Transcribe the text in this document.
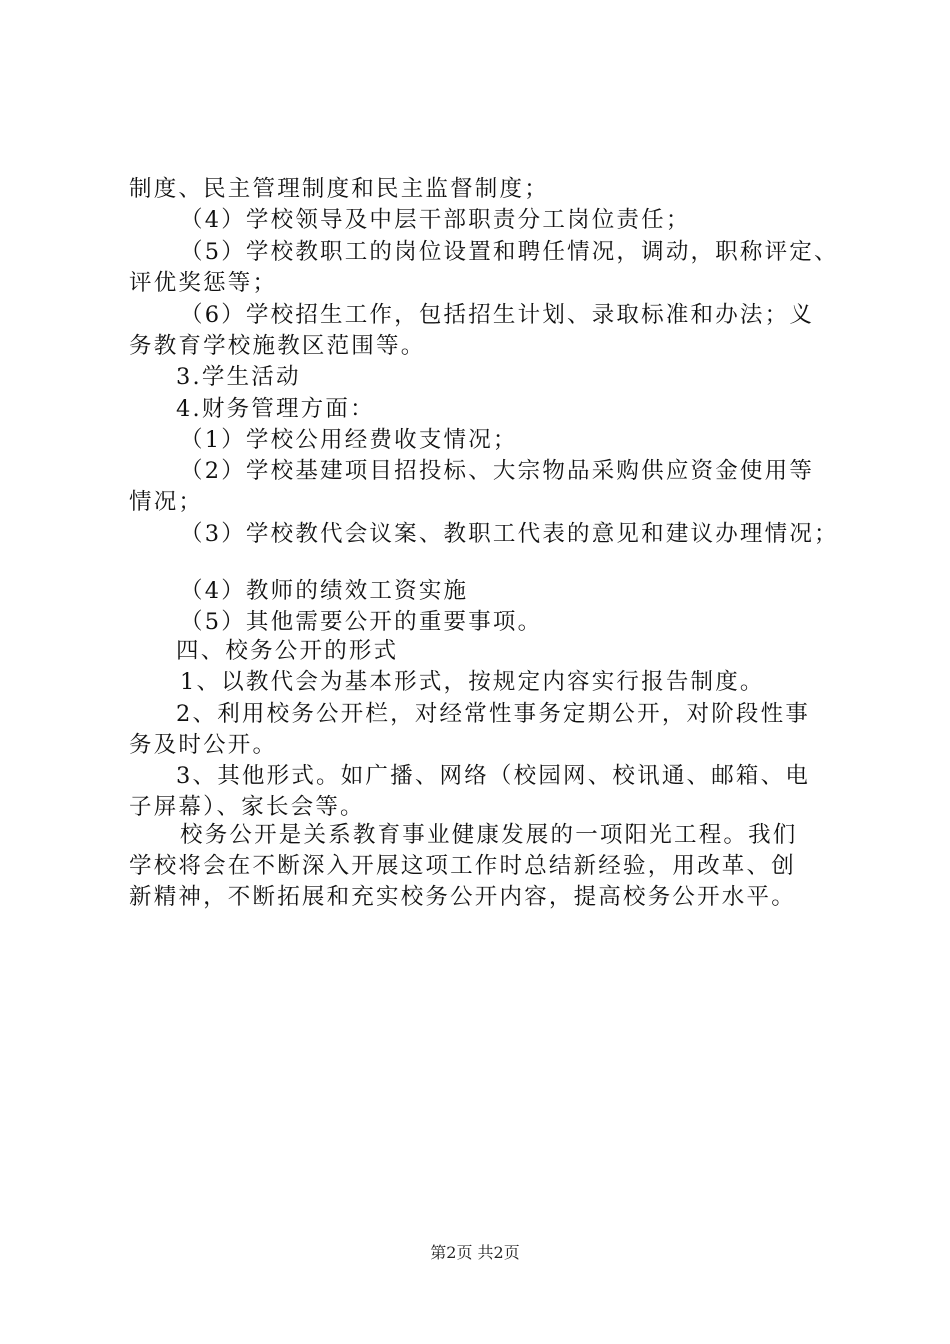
制度、民主管理制度和民主监督制度；

（4）学校领导及中层干部职责分工岗位责任；

（5）学校教职工的岗位设置和聘任情况，调动，职称评定、

评优奖惩等；

（6）学校招生工作，包括招生计划、录取标准和办法；义

务教育学校施教区范围等。

3.学生活动

4.财务管理方面：

（1）学校公用经费收支情况；

（2）学校基建项目招投标、大宗物品采购供应资金使用等

情况；

（3）学校教代会议案、教职工代表的意见和建议办理情况；

（4）教师的绩效工资实施

（5）其他需要公开的重要事项。

四、校务公开的形式

1、以教代会为基本形式，按规定内容实行报告制度。

2、利用校务公开栏，对经常性事务定期公开，对阶段性事

务及时公开。

3、其他形式。如广播、网络（校园网、校讯通、邮箱、电

子屏幕）、家长会等。

校务公开是关系教育事业健康发展的一项阳光工程。我们

学校将会在不断深入开展这项工作时总结新经验，用改革、创

新精神，不断拓展和充实校务公开内容，提高校务公开水平。

第2页 共2页
